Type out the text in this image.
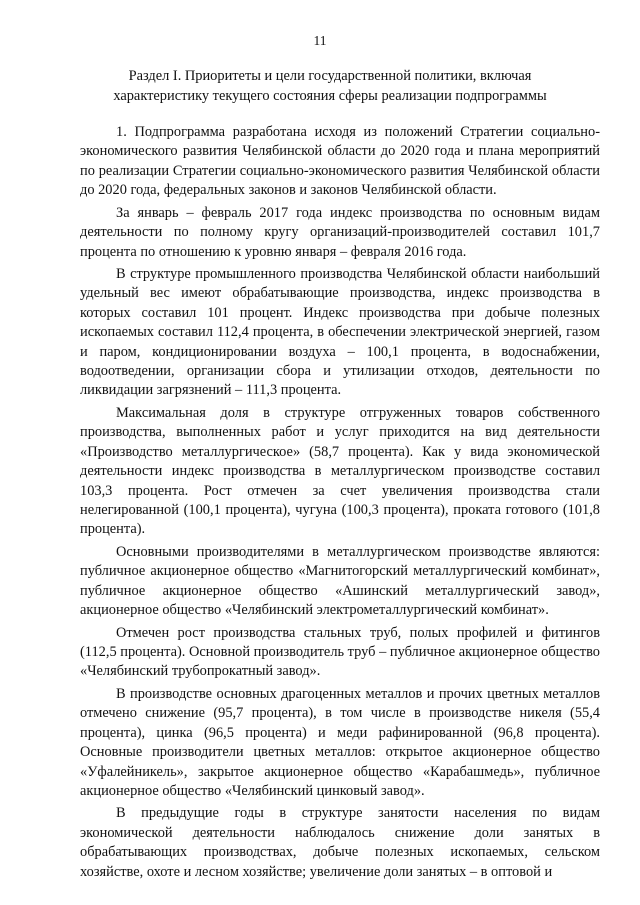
11
Раздел I. Приоритеты и цели государственной политики, включая характеристику текущего состояния сферы реализации подпрограммы

1. Подпрограмма разработана исходя из положений Стратегии социально-экономического развития Челябинской области до 2020 года и плана мероприятий по реализации Стратегии социально-экономического развития Челябинской области до 2020 года, федеральных законов и законов Челябинской области.

За январь – февраль 2017 года индекс производства по основным видам деятельности по полному кругу организаций-производителей составил 101,7 процента по отношению к уровню января – февраля 2016 года.

В структуре промышленного производства Челябинской области наибольший удельный вес имеют обрабатывающие производства, индекс производства в которых составил 101 процент. Индекс производства при добыче полезных ископаемых составил 112,4 процента, в обеспечении электрической энергией, газом и паром, кондиционировании воздуха – 100,1 процента, в водоснабжении, водоотведении, организации сбора и утилизации отходов, деятельности по ликвидации загрязнений – 111,3 процента.

Максимальная доля в структуре отгруженных товаров собственного производства, выполненных работ и услуг приходится на вид деятельности «Производство металлургическое» (58,7 процента). Как у вида экономической деятельности индекс производства в металлургическом производстве составил 103,3 процента. Рост отмечен за счет увеличения производства стали нелегированной (100,1 процента), чугуна (100,3 процента), проката готового (101,8 процента).

Основными производителями в металлургическом производстве являются: публичное акционерное общество «Магнитогорский металлургический комбинат», публичное акционерное общество «Ашинский металлургический завод», акционерное общество «Челябинский электрометаллургический комбинат».

Отмечен рост производства стальных труб, полых профилей и фитингов (112,5 процента). Основной производитель труб – публичное акционерное общество «Челябинский трубопрокатный завод».

В производстве основных драгоценных металлов и прочих цветных металлов отмечено снижение (95,7 процента), в том числе в производстве никеля (55,4 процента), цинка (96,5 процента) и меди рафинированной (96,8 процента). Основные производители цветных металлов: открытое акционерное общество «Уфалейникель», закрытое акционерное общество «Карабашмедь», публичное акционерное общество «Челябинский цинковый завод».

В предыдущие годы в структуре занятости населения по видам экономической деятельности наблюдалось снижение доли занятых в обрабатывающих производствах, добыче полезных ископаемых, сельском хозяйстве, охоте и лесном хозяйстве; увеличение доли занятых – в оптовой и
